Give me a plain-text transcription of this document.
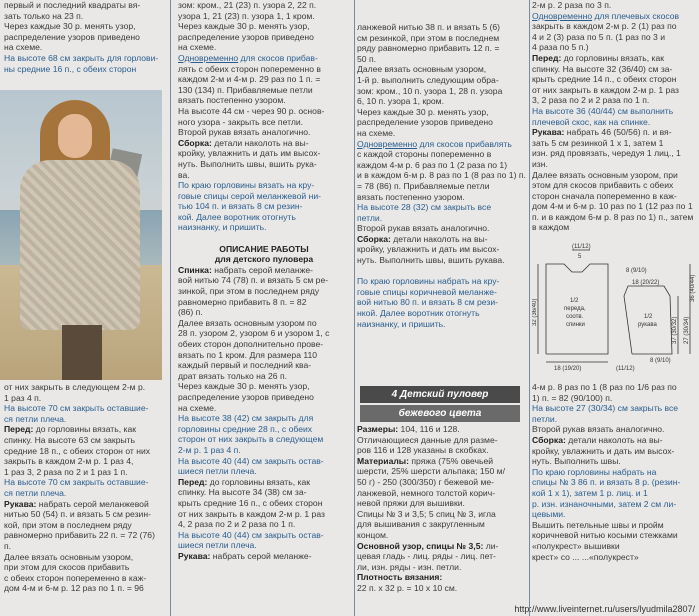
первый и последний квадраты вя-

зать только на 23 п.

Через каждые 30 р. менять узор,

распределение узоров приведено

на схеме.

На высоте 68 см закрыть для горлови-

ны средние 16 п., с обеих сторон

от них закрыть в следующем 2-м р.

1 раз 4 п.

На высоте 70 см закрыть оставшие-

ся петли плеча.

Перед: до горловины вязать, как

спинку. На высоте 63 см закрыть

средние 18 п., с обеих сторон от них

закрыть в каждом 2-м р. 1 раз 4,

1 раз 3, 2 раза по 2 и 1 раз 1 п.

На высоте 70 см закрыть оставшие-

ся петли плеча.

Рукава: набрать серой меланжевой

нитью 50 (54) п. и вязать 5 см резин-

кой, при этом в последнем ряду

равномерно прибавить 22 п. = 72 (76) п.

Далее вязать основным узором,

при этом для скосов прибавить

с обеих сторон попеременно в каж-

дом 4-м и 6-м р. 12 раз по 1 п. = 96

зом: кром., 21 (23) п. узора 2, 22 п.

узора 1, 21 (23) п. узора 1, 1 кром.

Через каждые 30 р. менять узор,

распределение узоров приведено

на схеме.

Одновременно для скосов прибав-

лять с обеих сторон попеременно в

каждом 2-м и 4-м р. 29 раз по 1 п. =

130 (134) п. Прибавляемые петли

вязать постепенно узором.

На высоте 44 см - через 90 р. основ-

ного узора - закрыть все петли.

Второй рукав вязать аналогично.

Сборка: детали наколоть на вы-

кройку, увлажнить и дать им высох-

нуть. Выполнить швы, вшить рука-

ва.

По краю горловины вязать на кру-

говые спицы серой меланжевой ни-

тью 104 п. и вязать 8 см резин-

кой. Далее воротник отогнуть

наизнанку, и пришить.

ОПИСАНИЕ РАБОТЫ

для детского пуловера

Спинка: набрать серой меланже-

вой нитью 74 (78) п. и вязать 5 см ре-

зинкой, при этом в последнем ряду

равномерно прибавить 8 п. = 82

(86) п.

Далее вязать основным узором по

28 п. узором 2, узором 6 и узором 1, с

обеих сторон дополнительно прове-

вязать по 1 кром. Для размера 110

каждый первый и последний ква-

драт вязать только на 26 п.

Через каждые 30 р. менять узор,

распределение узоров приведено

на схеме.

На высоте 38 (42) см закрыть для

горловины средние 28 п., с обеих

сторон от них закрыть в следующем

2-м р. 1 раз 4 п.

На высоте 40 (44) см закрыть остав-

шиеся петли плеча.

Перед: до горловины вязать, как

спинку. На высоте 34 (38) см за-

крыть средние 16 п., с обеих сторон

от них закрыть в каждом 2-м р. 1 раз

4, 2 раза по 2 и 2 раза по 1 п.

На высоте 40 (44) см закрыть остав-

шиеся петли плеча.

Рукава: набрать серой меланже-

ланжевой нитью 38 п. и вязать 5 (6)

см резинкой, при этом в последнем

ряду равномерно прибавить 12 п. =

50 п.

Далее вязать основным узором,

1-й р. выполнить следующим обра-

зом: кром., 10 п. узора 1, 28 п. узора

6, 10 п. узора 1, кром.

Через каждые 30 р. менять узор,

распределение узоров приведено

на схеме.

Одновременно для скосов прибавлять

с каждой стороны попеременно в

каждом 4-м р. 6 раз по 1 (2 раза по 1)

и в каждом 6-м р. 8 раз по 1 (8 раз по 1) п.

= 78 (86) п. Прибавляемые петли

вязать постепенно узором.

На высоте 28 (32) см закрыть все

петли.

Второй рукав вязать аналогично.

Сборка: детали наколоть на вы-

кройку, увлажнить и дать им высох-

нуть. Выполнить швы, вшить рукава.

По краю горловины набрать на кру-

говые спицы коричневой меланже-

вой нитью 80 п. и вязать 8 см рези-

нкой. Далее воротник отогнуть

наизнанку, и пришить.

4 Детский пуловер
бежевого цвета

Размеры: 104, 116 и 128.

Отличающиеся данные для разме-

ров 116 и 128 указаны в скобках.

Материалы: пряжа (75% овечьей

шерсти, 25% шерсти альпака; 150 м/

50 г) - 250 (300/350) г бежевой ме-

ланжевой, немного толстой корич-

невой пряжи для вышивки.

Спицы № 3 и 3,5; 5 спиц № 3, игла

для вышивания с закругленным

концом.

Основной узор, спицы № 3,5: ли-

цевая гладь - лиц. ряды - лиц. пет-

ли, изн. ряды - изн. петли.

Плотность вязания:

22 п. х 32 р. = 10 х 10 см.

2-м р. 2 раза по 3 п.

Одновременно для плечевых скосов

закрыть в каждом 2-м р. 2 (1) раз по

4 и 2 (3) раза по 5 п. (1 раз по 3 и

4 раза по 5 п.)

Перед: до горловины вязать, как

спинку. На высоте 32 (36/40) см за-

крыть средние 14 п., с обеих сторон

от них закрыть в каждом 2-м р. 1 раз

3, 2 раза по 2 и 2 раза по 1 п.

На высоте 36 (40/44) см выполнить

плечевой скос, как на спинке.

Рукава: набрать 46 (50/56) п. и вя-

зать 5 см резинкой 1 х 1, затем 1

изн. ряд провязать, чередуя 1 лиц., 1

изн.

Далее вязать основным узором, при

этом для скосов прибавить с обеих

сторон сначала попеременно в каж-

дом 4-м и 6-м р. 10 раз по 1 (12 раз по 1

п. и в каждом 6-м р. 8 раз по 1) п., затем в каждом

(11/12)
5
8 (9/10)
1/2
переда,
соотв.
спинки
1/2
рукава
18 (19/20)
18 (20/22)
8 (9/10)
(11/12)
32 (36/40)
37 (30/32) 27 (30/34)
36 (40/44)

4-м р. 8 раз по 1 (8 раз по 1/6 раз по

1) п. = 82 (90/100) п.

На высоте 27 (30/34) см закрыть все

петли.

Второй рукав вязать аналогично.

Сборка: детали наколоть на вы-

кройку, увлажнить и дать им высох-

нуть. Выполнить швы.

По краю горловины набрать на

спицы № 3 86 п. и вязать 8 р. (резин-

кой 1 х 1), затем 1 р. лиц. и 1

р. изн. изнаночными, затем 2 см ли-

цевыми.

Вышить петельные швы и пройм

коричневой нитью косыми стежками

«полукрест» вышивки

крест» со ... ...«полукрест»

http://www.liveinternet.ru/users/lyudmila2807/
